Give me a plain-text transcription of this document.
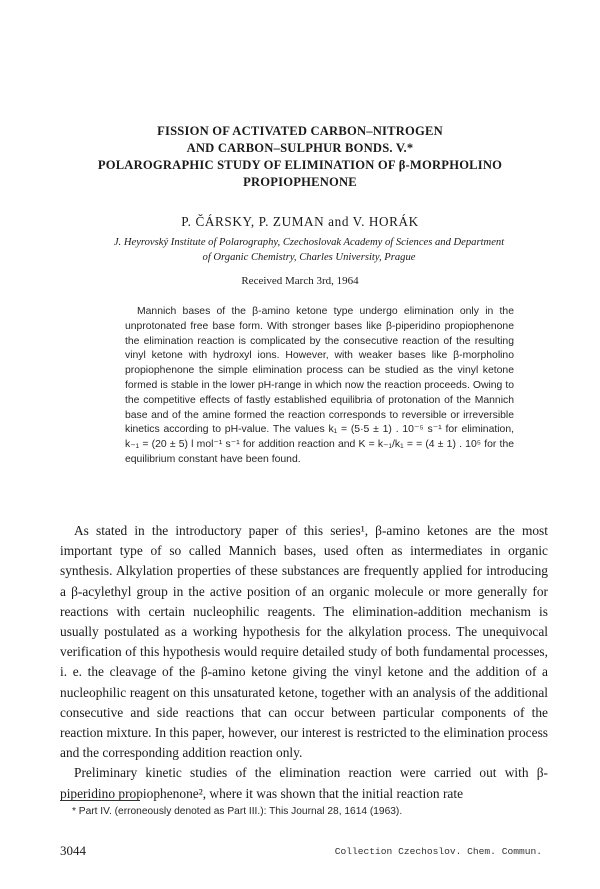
FISSION OF ACTIVATED CARBON–NITROGEN
AND CARBON–SULPHUR BONDS. V.*
POLAROGRAPHIC STUDY OF ELIMINATION OF β-MORPHOLINO
PROPIOPHENONE
P. ČÁRSKY, P. ZUMAN and V. HORÁK
J. Heyrovský Institute of Polarography, Czechoslovak Academy of Sciences and Department
of Organic Chemistry, Charles University, Prague
Received March 3rd, 1964
Mannich bases of the β-amino ketone type undergo elimination only in the unprotonated free base form. With stronger bases like β-piperidino propiophenone the elimination reaction is complicated by the consecutive reaction of the resulting vinyl ketone with hydroxyl ions. However, with weaker bases like β-morpholino propiophenone the simple elimination process can be studied as the vinyl ketone formed is stable in the lower pH-range in which now the reaction proceeds. Owing to the competitive effects of fastly established equilibria of protonation of the Mannich base and of the amine formed the reaction corresponds to reversible or irreversible kinetics according to pH-value. The values k₁ = (5·5 ± 1) . 10⁻⁵ s⁻¹ for elimination, k₋₁ = (20 ± 5) l mol⁻¹ s⁻¹ for addition reaction and K = k₋₁/k₁ = = (4 ± 1) . 10⁵ for the equilibrium constant have been found.

As stated in the introductory paper of this series¹, β-amino ketones are the most important type of so called Mannich bases, used often as intermediates in organic synthesis. Alkylation properties of these substances are frequently applied for introducing a β-acylethyl group in the active position of an organic molecule or more generally for reactions with certain nucleophilic reagents. The elimination-addition mechanism is usually postulated as a working hypothesis for the alkylation process. The unequivocal verification of this hypothesis would require detailed study of both fundamental processes, i. e. the cleavage of the β-amino ketone giving the vinyl ketone and the addition of a nucleophilic reagent on this unsaturated ketone, together with an analysis of the additional consecutive and side reactions that can occur between particular components of the reaction mixture. In this paper, however, our interest is restricted to the elimination process and the corresponding addition reaction only.

Preliminary kinetic studies of the elimination reaction were carried out with β-piperidino propiophenone², where it was shown that the initial reaction rate

* Part IV. (erroneously denoted as Part III.): This Journal 28, 1614 (1963).
3044	Collection Czechoslov. Chem. Commun.
